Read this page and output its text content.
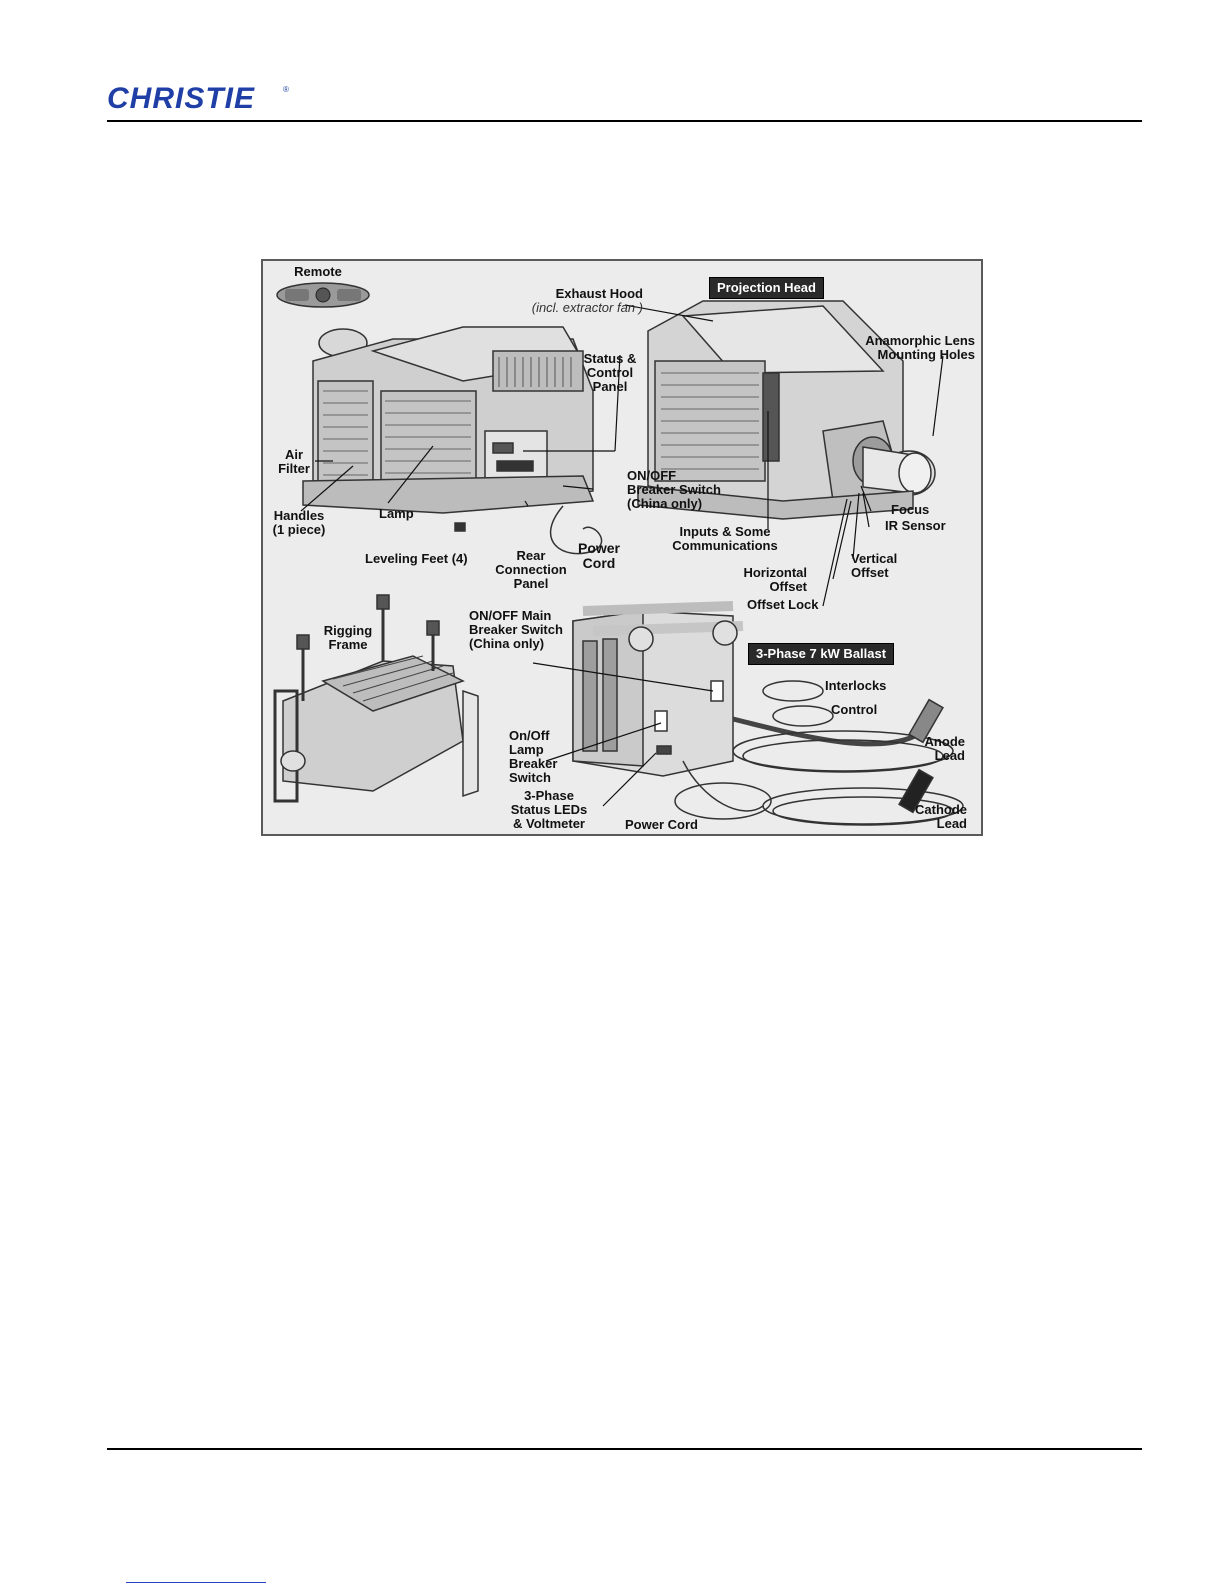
CHRISTIE	®
Remote
Exhaust Hood
(incl. extractor fan )
Projection Head
Status &
Control
Panel
Anamorphic Lens
Mounting Holes
Air
Filter
Lamp
Handles
(1 piece)
Leveling Feet (4)
ON/OFF
Breaker Switch
(China only)
Rear
Connection
Panel
Power
Cord
Inputs & Some
Communications
Focus
IR Sensor
Horizontal
Offset
Vertical
Offset
Offset Lock
Rigging
Frame
ON/OFF Main
Breaker Switch
(China only)
3-Phase 7 kW Ballast
Interlocks
Control
On/Off
Lamp
Breaker
Switch
Anode
Lead
3-Phase
Status LEDs
& Voltmeter	Power Cord
Cathode
Lead
